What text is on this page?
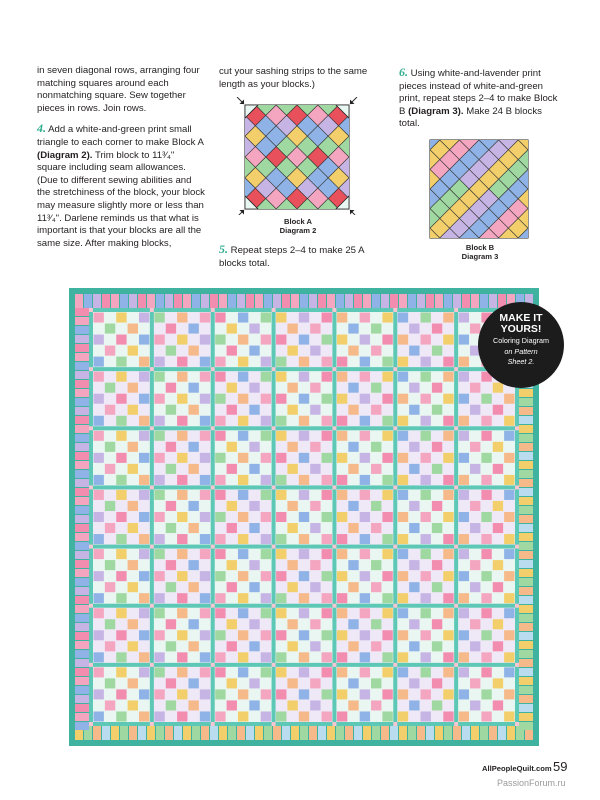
in seven diagonal rows, arranging four matching squares around each nonmatching square. Sew together pieces in rows. Join rows.

4. Add a white-and-green print small triangle to each corner to make Block A (Diagram 2). Trim block to 11³⁄₄" square including seam allowances. (Due to different sewing abilities and the stretchiness of the block, your block may measure slightly more or less than 11³⁄₄". Darlene reminds us that what is important is that your blocks are all the same size. After making blocks,

cut your sashing strips to the same length as your blocks.)

5. Repeat steps 2–4 to make 25 A blocks total.

6. Using white-and-lavender print pieces instead of white-and-green print, repeat steps 2–4 to make Block B (Diagram 3). Make 24 B blocks total.

Block A
Diagram 2
Block B
Diagram 3
MAKE IT
YOURS!
Coloring Diagram
on Pattern
Sheet 2.
AllPeopleQuilt.com 59
PassionForum.ru
